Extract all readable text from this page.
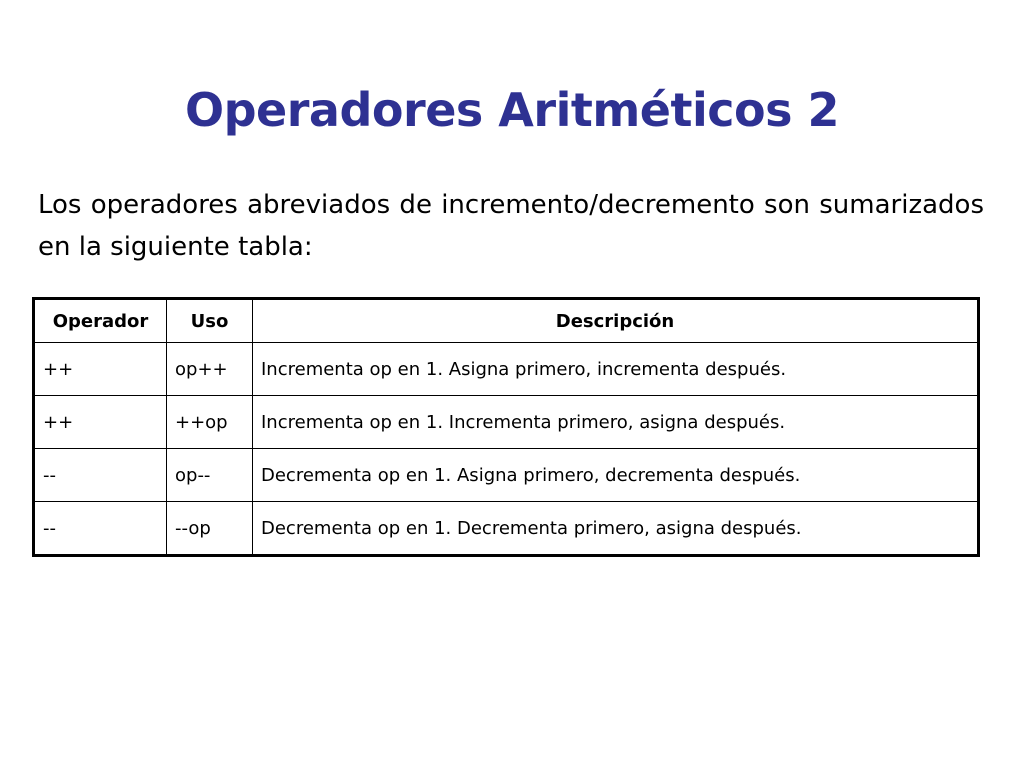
Operadores Aritméticos 2
Los operadores abreviados de incremento/decremento son sumarizados en la siguiente tabla:
Operador	Uso	Descripción
++	op++	Incrementa op en 1. Asigna primero, incrementa después.
++	++op	Incrementa op en 1. Incrementa primero, asigna después.
--	op--	Decrementa op en 1. Asigna primero, decrementa después.
--	--op	Decrementa op en 1. Decrementa primero, asigna después.
